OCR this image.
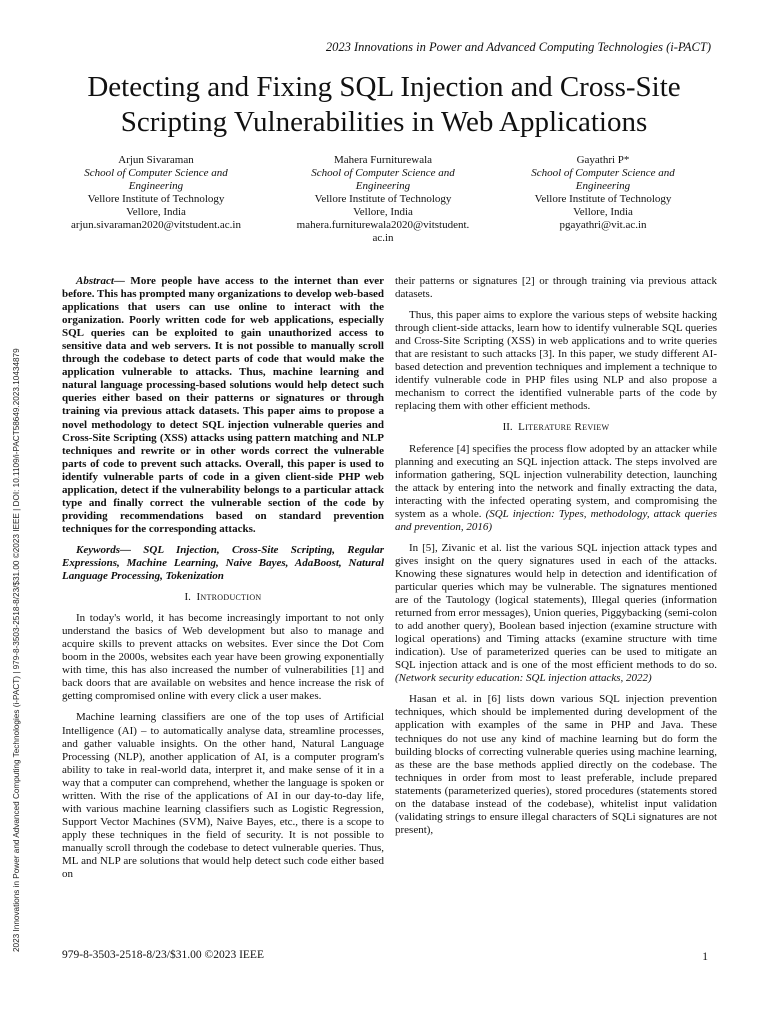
2023 Innovations in Power and Advanced Computing Technologies (i-PACT)
Detecting and Fixing SQL Injection and Cross-Site
Scripting Vulnerabilities in Web Applications
Arjun Sivaraman
School of Computer Science and
Engineering
Vellore Institute of Technology
Vellore, India
arjun.sivaraman2020@vitstudent.ac.in
Mahera Furniturewala
School of Computer Science and
Engineering
Vellore Institute of Technology
Vellore, India
mahera.furniturewala2020@vitstudent.
ac.in
Gayathri P*
School of Computer Science and
Engineering
Vellore Institute of Technology
Vellore, India
pgayathri@vit.ac.in
2023 Innovations in Power and Advanced Computing Technologies (i-PACT) | 979-8-3503-2518-8/23/$31.00 ©2023 IEEE | DOI: 10.1109/i-PACT58649.2023.10434879

Abstract— More people have access to the internet than ever before. This has prompted many organizations to develop web-based applications that users can use online to interact with the organization. Poorly written code for web applications, especially SQL queries can be exploited to gain unauthorized access to sensitive data and web servers. It is not possible to manually scroll through the codebase to detect parts of code that would make the application vulnerable to attacks. Thus, machine learning and natural language processing-based solutions would help detect such queries either based on their patterns or signatures or through training via previous attack datasets. This paper aims to propose a novel methodology to detect SQL injection vulnerable queries and Cross-Site Scripting (XSS) attacks using pattern matching and NLP techniques and rewrite or in other words correct the vulnerable parts of code to prevent such attacks. Overall, this paper is used to identify vulnerable parts of code in a given client-side PHP web application, detect if the vulnerability belongs to a particular attack type and finally correct the vulnerable section of the code by providing recommendations based on standard prevention techniques for the corresponding attacks.

Keywords— SQL Injection, Cross-Site Scripting, Regular Expressions, Machine Learning, Naive Bayes, AdaBoost, Natural Language Processing, Tokenization

I. Introduction

In today's world, it has become increasingly important to not only understand the basics of Web development but also to manage and acquire skills to prevent attacks on websites. Ever since the Dot Com boom in the 2000s, websites each year have been growing exponentially with time, this has also increased the number of vulnerabilities [1] and back doors that are available on websites and hence increase the risk of getting compromised online with every click a user makes.

Machine learning classifiers are one of the top uses of Artificial Intelligence (AI) – to automatically analyse data, streamline processes, and gather valuable insights. On the other hand, Natural Language Processing (NLP), another application of AI, is a computer program's ability to take in real-world data, interpret it, and make sense of it in a way that a computer can comprehend, whether the language is spoken or written. With the rise of the applications of AI in our day-to-day life, with various machine learning classifiers such as Logistic Regression, Support Vector Machines (SVM), Naive Bayes, etc., there is a scope to apply these techniques in the field of security. It is not possible to manually scroll through the codebase to detect vulnerable queries. Thus, ML and NLP are solutions that would help detect such code either based on

their patterns or signatures [2] or through training via previous attack datasets.

Thus, this paper aims to explore the various steps of website hacking through client-side attacks, learn how to identify vulnerable SQL queries and Cross-Site Scripting (XSS) in web applications and to write queries that are resistant to such attacks [3]. In this paper, we study different AI-based detection and prevention techniques and implement a technique to identify vulnerable code in PHP files using NLP and also propose a mechanism to correct the identified vulnerable parts of the code by replacing them with other efficient methods.

II. Literature Review

Reference [4] specifies the process flow adopted by an attacker while planning and executing an SQL injection attack. The steps involved are information gathering, SQL injection vulnerability detection, launching the attack by entering into the network and finally extracting the data, interacting with the infected operating system, and compromising the system as a whole. (SQL injection: Types, methodology, attack queries and prevention, 2016)

In [5], Zivanic et al. list the various SQL injection attack types and gives insight on the query signatures used in each of the attacks. Knowing these signatures would help in detection and identification of particular queries which may be vulnerable. The signatures mentioned are of the Tautology (logical statements), Illegal queries (information returned from error messages), Union queries, Piggybacking (semi-colon to add another query), Boolean based injection (examine structure with logical operations) and Timing attacks (examine structure with time indication). Use of parameterized queries can be used to mitigate an SQL injection attack and is one of the most efficient methods to do so. (Network security education: SQL injection attacks, 2022)

Hasan et al. in [6] lists down various SQL injection prevention techniques, which should be implemented during development of the application with examples of the same in PHP and Java. These techniques do not use any kind of machine learning but do form the building blocks of correcting vulnerable queries using machine learning, as these are the base methods applied directly on the codebase. The techniques in order from most to least preferable, include prepared statements (parameterized queries), stored procedures (statements stored on the database instead of the codebase), whitelist input validation (validating strings to ensure illegal characters of SQLi signatures are not present),

979-8-3503-2518-8/23/$31.00 ©2023 IEEE	1
